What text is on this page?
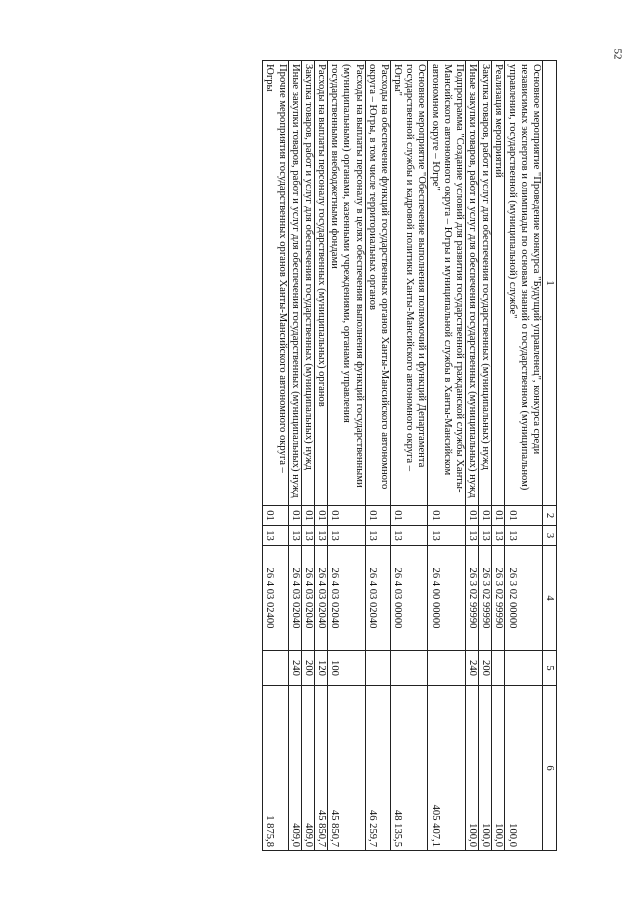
52
1	2	3	4	5	6
Основное мероприятие "Проведение конкурса "Будущий управленец", конкурса среди независимых экспертов и олимпиады по основам знаний о государственном (муниципальном) управлении, государственной (муниципальной) службе"	01	13	26 3 02 00000		100,0
Реализация мероприятий	01	13	26 3 02 99990		100,0
Закупка товаров, работ и услуг для обеспечения государственных (муниципальных) нужд	01	13	26 3 02 99990	200	100,0
Иные закупки товаров, работ и услуг для обеспечения государственных (муниципальных) нужд	01	13	26 3 02 99990	240	100,0
Подпрограмма "Создание условий для развития государственной гражданской службы Ханты-Мансийского автономного округа – Югры и муниципальной службы в Ханты-Мансийском автономном округе – Югре"	01	13	26 4 00 00000		405 407,1
Основное мероприятие "Обеспечение выполнения полномочий и функций Департамента государственной службы и кадровой политики Ханты-Мансийского автономного округа – Югры"	01	13	26 4 03 00000		48 135,5
Расходы на обеспечение функций государственных органов Ханты-Мансийского автономного округа – Югры, в том числе территориальных органов	01	13	26 4 03 02040		46 259,7
Расходы на выплаты персоналу в целях обеспечения выполнения функций государственными (муниципальными) органами, казенными учреждениями, органами управления государственными внебюджетными фондами	01	13	26 4 03 02040	100	45 850,7
Расходы на выплаты персоналу государственных (муниципальных) органов	01	13	26 4 03 02040	120	45 850,7
Закупка товаров, работ и услуг для обеспечения государственных (муниципальных) нужд	01	13	26 4 03 02040	200	409,0
Иные закупки товаров, работ и услуг для обеспечения государственных (муниципальных) нужд	01	13	26 4 03 02040	240	409,0
Прочие мероприятия государственных органов Ханты-Мансийского автономного округа – Югры	01	13	26 4 03 02400		1 875,8
